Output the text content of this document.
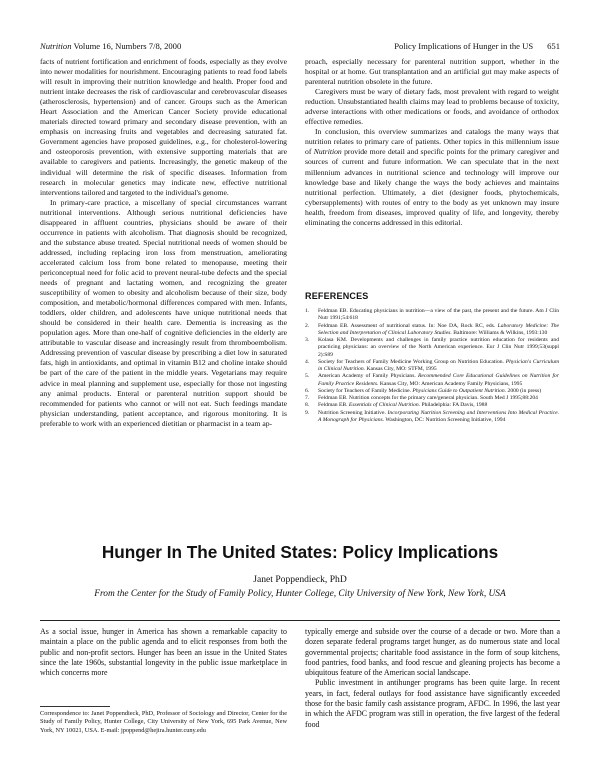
Nutrition Volume 16, Numbers 7/8, 2000	Policy Implications of Hunger in the US 651

facts of nutrient fortification and enrichment of foods, especially as they evolve into newer modalities for nourishment. Encouraging patients to read food labels will result in improving their nutrition knowledge and health. Proper food and nutrient intake decreases the risk of cardiovascular and cerebrovascular diseases (atherosclerosis, hypertension) and of cancer. Groups such as the American Heart Association and the American Cancer Society provide educational materials directed toward primary and secondary disease prevention, with an emphasis on increasing fruits and vegetables and decreasing saturated fat. Government agencies have proposed guidelines, e.g., for cholesterol-lowering and osteoporosis prevention, with extensive supporting materials that are available to caregivers and patients. Increasingly, the genetic makeup of the individual will determine the risk of specific diseases. Information from research in molecular genetics may indicate new, effective nutritional interventions tailored and targeted to the individual's genome.

In primary-care practice, a miscellany of special circumstances warrant nutritional interventions. Although serious nutritional deficiencies have disappeared in affluent countries, physicians should be aware of their occurrence in patients with alcoholism. That diagnosis should be recognized, and the substance abuse treated. Special nutritional needs of women should be addressed, including replacing iron loss from menstruation, ameliorating accelerated calcium loss from bone related to menopause, meeting their periconceptual need for folic acid to prevent neural-tube defects and the special needs of pregnant and lactating women, and recognizing the greater susceptibility of women to obesity and alcoholism because of their size, body composition, and metabolic/hormonal differences compared with men. Infants, toddlers, older children, and adolescents have unique nutritional needs that should be considered in their health care. Dementia is increasing as the population ages. More than one-half of cognitive deficiencies in the elderly are attributable to vascular disease and increasingly result from thromboembolism. Addressing prevention of vascular disease by prescribing a diet low in saturated fats, high in antioxidants, and optimal in vitamin B12 and choline intake should be part of the care of the patient in the middle years. Vegetarians may require advice in meal planning and supplement use, especially for those not ingesting any animal products. Enteral or parenteral nutrition support should be recommended for patients who cannot or will not eat. Such feedings mandate physician understanding, patient acceptance, and rigorous monitoring. It is preferable to work with an experienced dietitian or pharmacist in a team ap-

proach, especially necessary for parenteral nutrition support, whether in the hospital or at home. Gut transplantation and an artificial gut may make aspects of parenteral nutrition obsolete in the future.

Caregivers must be wary of dietary fads, most prevalent with regard to weight reduction. Unsubstantiated health claims may lead to problems because of toxicity, adverse interactions with other medications or foods, and avoidance of orthodox effective remedies.

In conclusion, this overview summarizes and catalogs the many ways that nutrition relates to primary care of patients. Other topics in this millennium issue of Nutrition provide more detail and specific points for the primary caregiver and sources of current and future information. We can speculate that in the next millennium advances in nutritional science and technology will improve our knowledge base and likely change the ways the body achieves and maintains nutritional perfection. Ultimately, a diet (designer foods, phytochemicals, cybersupplements) with routes of entry to the body as yet unknown may insure health, freedom from diseases, improved quality of life, and longevity, thereby eliminating the concerns addressed in this editorial.

REFERENCES
1. Feldman EB. Educating physicians in nutrition—a view of the past, the present and the future. Am J Clin Nutr 1991;54:618
2. Feldman EB. Assessment of nutritional status. In: Noe DA, Rock RC, eds. Laboratory Medicine: The Selection and Interpretation of Clinical Laboratory Studies. Baltimore: Williams & Wilkins, 1993:130
3. Kolasa KM. Developments and challenges in family practice nutrition education for residents and practicing physicians: an overview of the North American experience. Eur J Clin Nutr 1999;53(suppl 2):S89
4. Society for Teachers of Family Medicine Working Group on Nutrition Education. Physician's Curriculum in Clinical Nutrition. Kansas City, MO: STFM, 1995
5. American Academy of Family Physicians. Recommended Core Educational Guidelines on Nutrition for Family Practice Residents. Kansas City, MO: American Academy Family Physicians, 1995
6. Society for Teachers of Family Medicine. Physicians Guide to Outpatient Nutrition. 2000 (in press)
7. Feldman EB. Nutrition concepts for the primary care/general physician. South Med J 1995;88:204
8. Feldman EB. Essentials of Clinical Nutrition. Philadelphia: FA Davis, 1988
9. Nutrition Screening Initiative. Incorporating Nutrition Screening and Interventions Into Medical Practice. A Monograph for Physicians. Washington, DC: Nutrition Screening Initiative, 1994
Hunger In The United States: Policy Implications
Janet Poppendieck, PhD
From the Center for the Study of Family Policy, Hunter College, City University of New York, New York, USA

As a social issue, hunger in America has shown a remarkable capacity to maintain a place on the public agenda and to elicit responses from both the public and non-profit sectors. Hunger has been an issue in the United States since the late 1960s, substantial longevity in the public issue marketplace in which concerns more

Correspondence to: Janet Poppendieck, PhD, Professor of Sociology and Director, Center for the Study of Family Policy, Hunter College, City University of New York, 695 Park Avenue, New York, NY 10021, USA. E-mail: jpoppend@hejira.hunter.cuny.edu

typically emerge and subside over the course of a decade or two. More than a dozen separate federal programs target hunger, as do numerous state and local governmental projects; charitable food assistance in the form of soup kitchens, food pantries, food banks, and food rescue and gleaning projects has become a ubiquitous feature of the American social landscape.

Public investment in antihunger programs has been quite large. In recent years, in fact, federal outlays for food assistance have significantly exceeded those for the basic family cash assistance program, AFDC. In 1996, the last year in which the AFDC program was still in operation, the five largest of the federal food
